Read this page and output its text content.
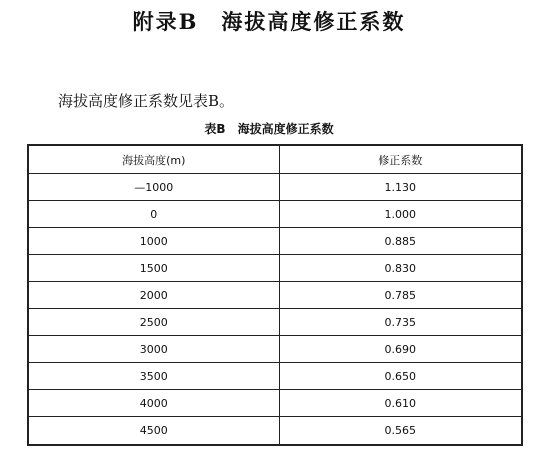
附录B　海拔高度修正系数
海拔高度修正系数见表B。
表B　海拔高度修正系数
海拔高度(m)	修正系数
—1000	1.130
0	1.000
1000	0.885
1500	0.830
2000	0.785
2500	0.735
3000	0.690
3500	0.650
4000	0.610
4500	0.565
